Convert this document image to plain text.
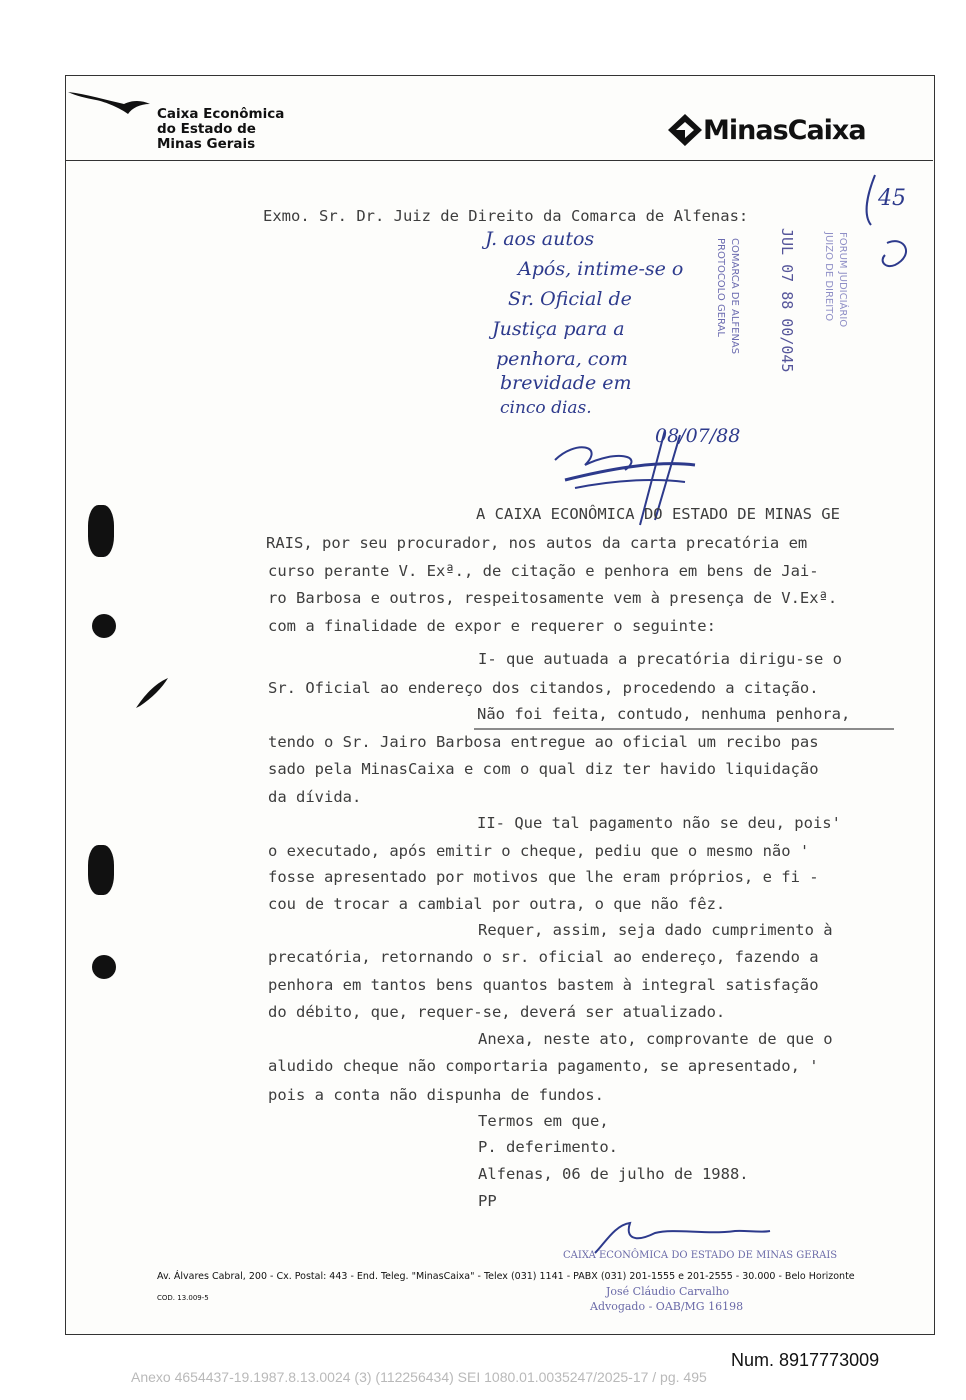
Caixa Econômica
do Estado de
Minas Gerais	MinasCaixa
45
Exmo. Sr. Dr. Juiz de Direito da Comarca de Alfenas:
J. aos autos
Após, intime-se o
Sr. Oficial de
Justiça para a
penhora, com
brevidade em
cinco dias.
08/07/88
COMARCA DE ALFENAS
PROTOCOLO GERAL	JUL 07 88 00/045	FORUM JUDICIÁRIO
JUIZO DE DIREITO
A CAIXA ECONÔMICA DO ESTADO DE MINAS GE
RAIS, por seu procurador, nos autos da carta precatória em
curso perante V. Exª., de citação e penhora em bens de Jai-
ro Barbosa e outros, respeitosamente vem à presença de V.Exª.
com a finalidade de expor e requerer o seguinte:
I- que autuada a precatória dirigu-se o
Sr. Oficial ao endereço dos citandos, procedendo a citação.
Não foi feita, contudo, nenhuma penhora,
tendo o Sr. Jairo Barbosa entregue ao oficial um recibo pas
sado pela MinasCaixa e com o qual diz ter havido liquidação
da dívida.
II- Que tal pagamento não se deu, pois'
o executado, após emitir o cheque, pediu que o mesmo não '
fosse apresentado por motivos que lhe eram próprios, e fi -
cou de trocar a cambial por outra, o que não fêz.
Requer, assim, seja dado cumprimento à
precatória, retornando o sr. oficial ao endereço, fazendo a
penhora em tantos bens quantos bastem à integral satisfação
do débito, que, requer-se, deverá ser atualizado.
Anexa, neste ato, comprovante de que o
aludido cheque não comportaria pagamento, se apresentado, '
pois a conta não dispunha de fundos.
Termos em que,
P. deferimento.
Alfenas, 06 de julho de 1988.
PP
CAIXA ECONÔMICA DO ESTADO DE MINAS GERAIS
José Cláudio Carvalho
Advogado - OAB/MG 16198
Av. Álvares Cabral, 200 - Cx. Postal: 443 - End. Teleg. "MinasCaixa" - Telex (031) 1141 - PABX (031) 201-1555 e 201-2555 - 30.000 - Belo Horizonte
COD. 13.009-5
Num. 8917773009
Anexo 4654437-19.1987.8.13.0024 (3) (112256434) SEI 1080.01.0035247/2025-17 / pg. 495
